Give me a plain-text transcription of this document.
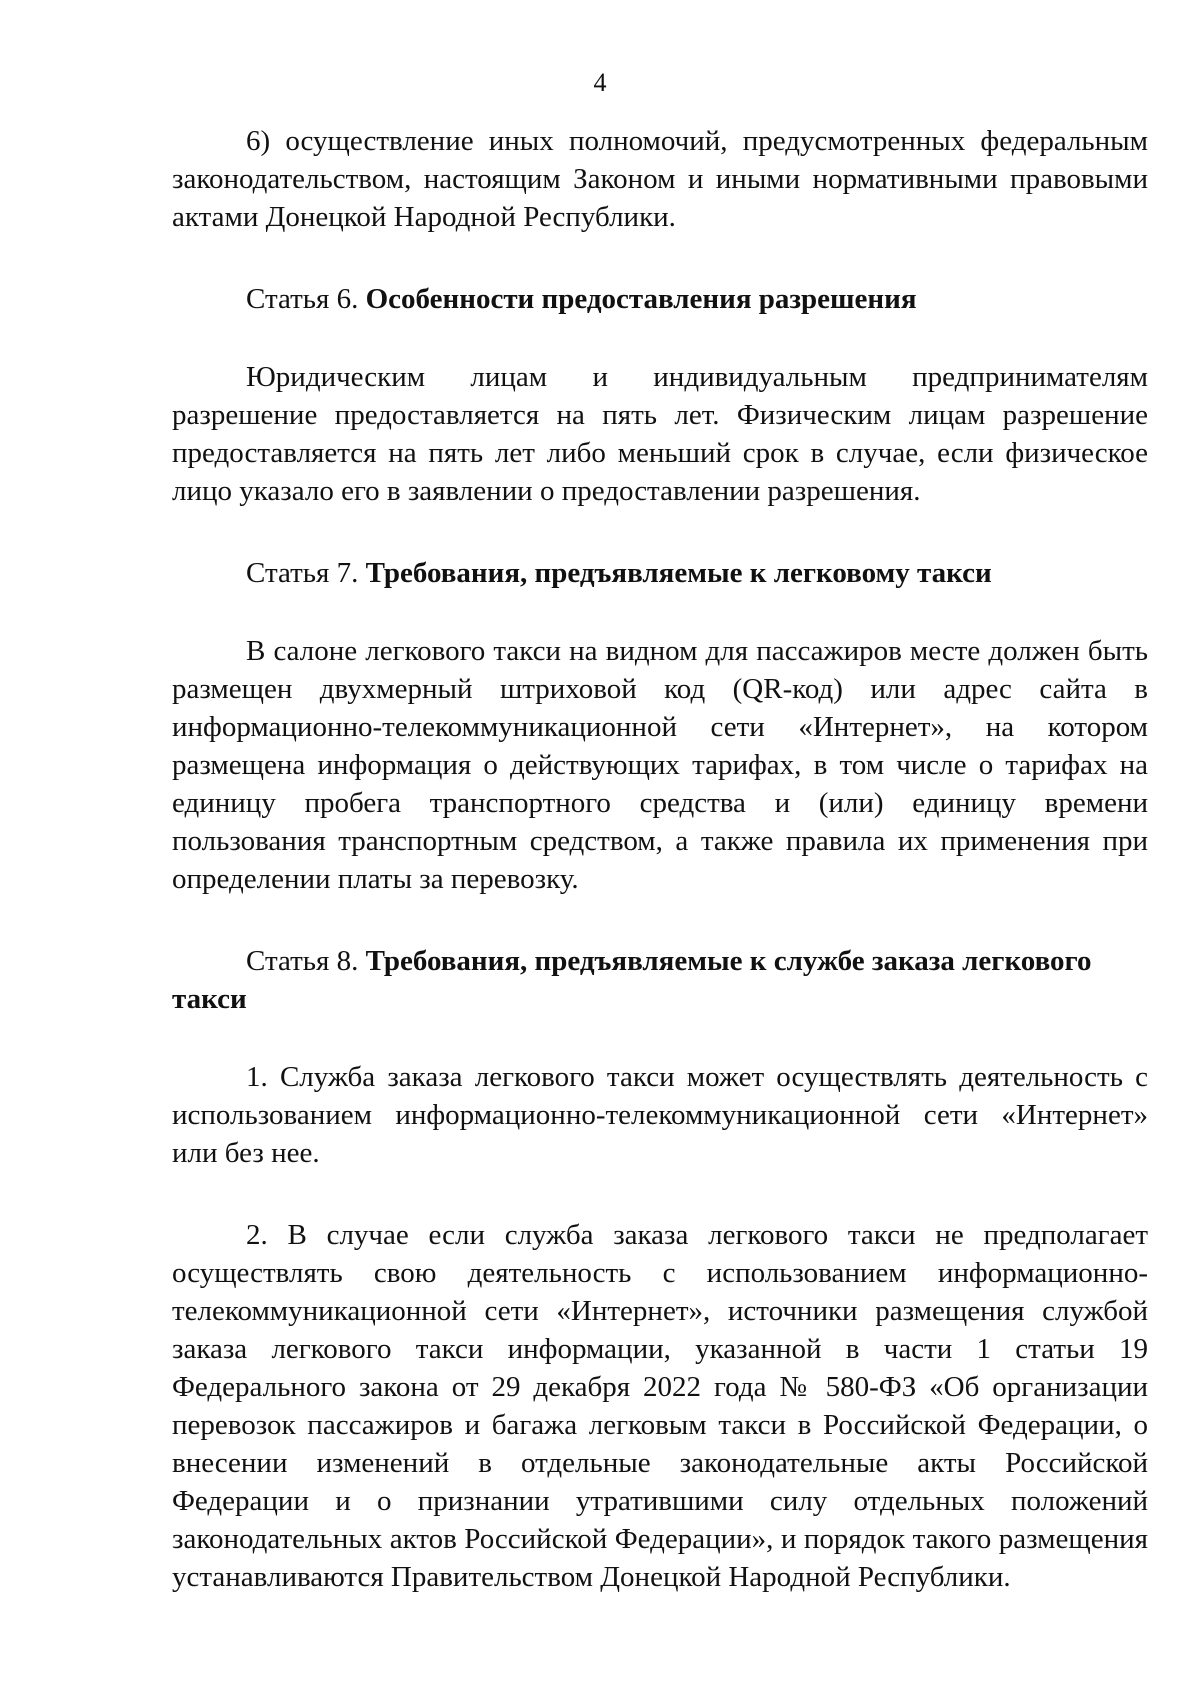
4

6) осуществление иных полномочий, предусмотренных федеральным законодательством, настоящим Законом и иными нормативными правовыми актами Донецкой Народной Республики.

Статья 6. Особенности предоставления разрешения

Юридическим лицам и индивидуальным предпринимателям разрешение предоставляется на пять лет. Физическим лицам разрешение предоставляется на пять лет либо меньший срок в случае, если физическое лицо указало его в заявлении о предоставлении разрешения.

Статья 7. Требования, предъявляемые к легковому такси

В салоне легкового такси на видном для пассажиров месте должен быть размещен двухмерный штриховой код (QR-код) или адрес сайта в информационно-телекоммуникационной сети «Интернет», на котором размещена информация о действующих тарифах, в том числе о тарифах на единицу пробега транспортного средства и (или) единицу времени пользования транспортным средством, а также правила их применения при определении платы за перевозку.

Статья 8. Требования, предъявляемые к службе заказа легкового такси

1. Служба заказа легкового такси может осуществлять деятельность с использованием информационно-телекоммуникационной сети «Интернет» или без нее.

2. В случае если служба заказа легкового такси не предполагает осуществлять свою деятельность с использованием информационно-телекоммуникационной сети «Интернет», источники размещения службой заказа легкового такси информации, указанной в части 1 статьи 19 Федерального закона от 29 декабря 2022 года № 580-ФЗ «Об организации перевозок пассажиров и багажа легковым такси в Российской Федерации, о внесении изменений в отдельные законодательные акты Российской Федерации и о признании утратившими силу отдельных положений законодательных актов Российской Федерации», и порядок такого размещения устанавливаются Правительством Донецкой Народной Республики.
